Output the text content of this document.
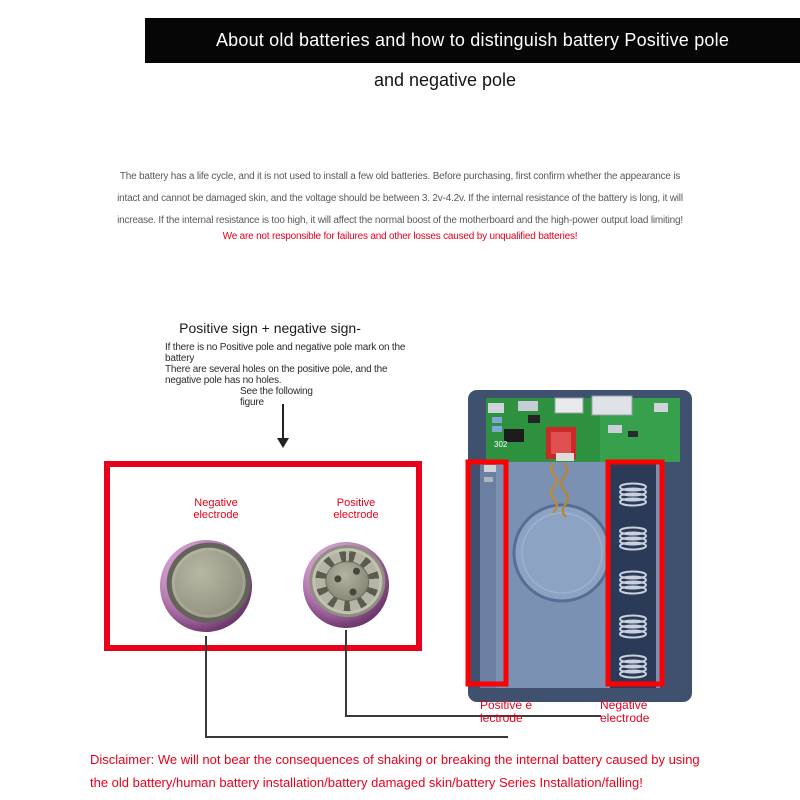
About old batteries and how to distinguish battery Positive pole
and negative pole
The battery has a life cycle, and it is not used to install a few old batteries. Before purchasing, first confirm whether the appearance is
intact and cannot be damaged skin, and the voltage should be between 3. 2v-4.2v. If the internal resistance of the battery is long, it will
increase. If the internal resistance is too high, it will affect the normal boost of the motherboard and the high-power output load limiting!
We are not responsible for failures and other losses caused by unqualified batteries!
Positive sign + negative sign-
If there is no Positive pole and negative pole mark on the battery
There are several holes on the positive pole, and the negative pole has no holes.
See the following figure
Negative electrode
Positive electrode
302
Positive electrode
Negative electrode
Disclaimer: We will not bear the consequences of shaking or breaking the internal battery caused by using
the old battery/human battery installation/battery damaged skin/battery Series Installation/falling!
